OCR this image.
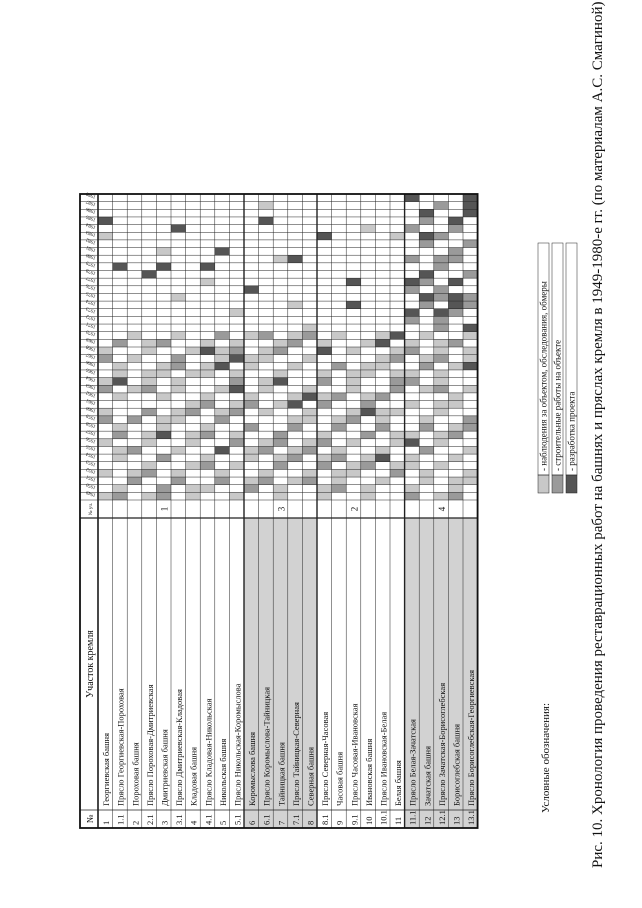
№
Участок кремля
№ уч.
1949
1950
1951
1952
1953
1954
1955
1956
1957
1958
1959
1960
1961
1962
1963
1964
1965
1966
1967
1968
1969
1970
1971
1972
1973
1974
1975
1976
1977
1978
1979
1980
1981
1982
1983
1984
1985
1986
1987
1988
1
Георгиевская башня
1.1
Прясло Георгиевская-Пороховая
2
Пороховая башня
2.1
Прясло Пороховая-Дмитриевская
3
Дмитриевская башня
1
3.1
Прясло Дмитриевская-Кладовая
4
Кладовая башня
4.1
Прясло Кладовая-Никольская
5
Никольская башня
5.1
Прясло Никольская-Коромыслова
6
Коромыслова башня
6.1
Прясло Коромыслова-Тайницкая
7
Тайницкая башня
3
7.1
Прясло Тайницкая-Северная
8
Северная башня
8.1
Прясло Северная-Часовая
9
Часовая башня
9.1
Прясло Часовая-Ивановская
2
10
Ивановская башня
10.1
Прясло Ивановская-Белая
11
Белая башня
11.1
Прясло Белая-Зачатская
12
Зачатская башня
12.1
Прясло Зачатская-Борисоглебская
4
13
Борисоглебская башня
13.1
Прясло Борисоглебская-Георгиевская
- наблюдения за объектом, обследования, обмеры - строительные работы на объекте - разработка проекта
Условные обозначения:	Рис. 10. Хронология проведения реставрационных работ на башнях и пряслах кремля в 1949-1980-е гг. (по материалам А.С. Смагиной)
